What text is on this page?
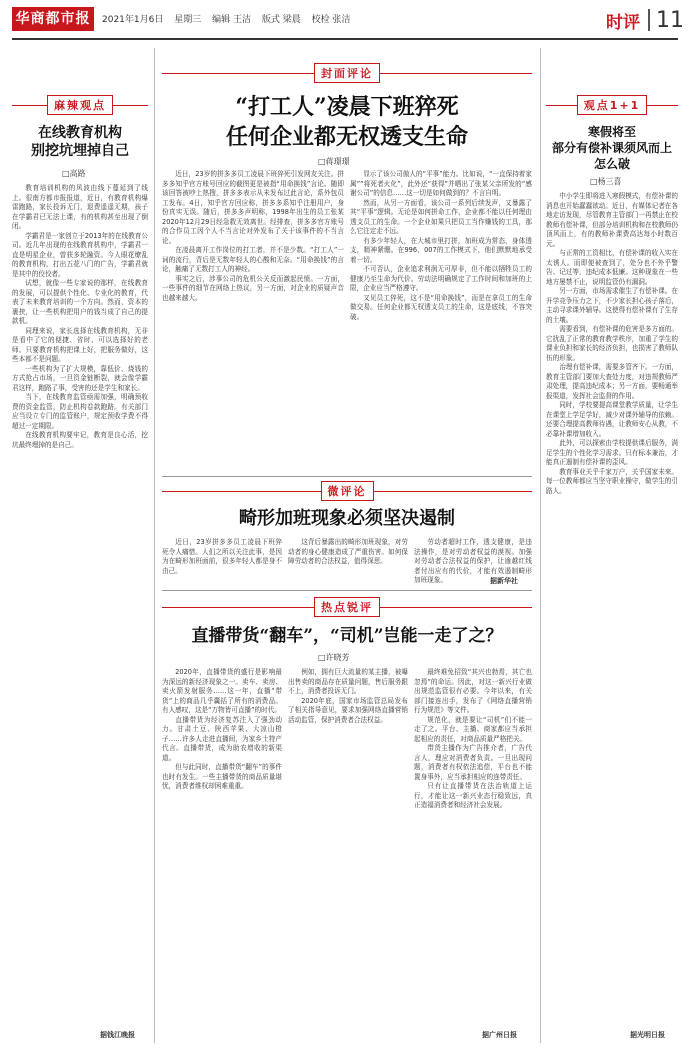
华商都市报	2021年1月6日 星期三 编辑 王洁 版式 梁晨 校检 张洁	时评 11
麻辣观点
在线教育机构
别挖坑埋掉自己
□高路

教育培训机构的风波由线下蔓延到了线上。很南方都市报报道，近日，有教育机构爆雷跑路，家长投诉无门，退费遥遥无期，孩子在学霸君已无法上课，有的机构甚至出现了倒闭。

学霸君是一家创立于2013年的在线教育公司。近几年出现的在线教育机构中，学霸君一直是明星企业，曾获多轮融资。今人眼花缭乱的教育机构，打出五花八门的广告，学霸君就是其中的佼佼者。

试想，就像一些专家说的那样，在线教育的发展，可以提供个性化、专业化的教育，代表了未来教育培训的一个方向。然而，资本的裹挟，让一些机构把用户的钱当成了自己的提款机。

同理来说，家长选择在线教育机构，无非是看中了它的便捷、省时、可以选择好的老师。只要教育机构把课上好，把服务做好，这些本都不是问题。

一些机构为了扩大规模，靠低价、烧钱的方式抢占市场，一旦资金链断裂，就会像学霸君这样，跑路了事，受害的还是学生和家长。

当下，在线教育监管亟需加强，明确预收费的资金监管，防止机构卷款跑路。有关部门应当设立专门的监管账户，规定预收学费不得超过一定期限。

在线教育机构要牢记，教育是良心活，挖坑最终埋掉的是自己。

据钱江晚报
封面评论
“打工人”凌晨下班猝死
任何企业都无权透支生命
□蒋璟璟

近日，23岁的拼多多员工凌晨下班猝死引发网友关注。拼多多知乎官方账号回应的截图更是被指“用命换钱”言论。随即该回答被吵上热搜，拼多多表示从未发布过此言论，系外包员工发布。4日，知乎官方回应称，拼多多系知乎注册用户，身份真实无误。随后，拼多多声明称，1998年出生的员工张某2020年12月29日经急救无效离世。经排查，拼多多官方账号的合作员工因个人不当言论对外发布了关于该事件的不当言论。

在凌晨离开工作岗位的打工者，并不是少数。“打工人”一词的流行，背后是无数年轻人的心酸和无奈。“用命换钱”的言论，触痛了无数打工人的神经。

事实之后，涉事公司的危机公关反而激起民愤。一方面，一些事件的细节在网络上热议，另一方面，对企业的质疑声音也越来越大。

显示了该公司傲人的“平事”能力。比如说，“一直保持着家属”“将死者火化”，此外还“获得”并晒出了张某父亲所发的“感谢公司”的信息……这一切是如何做到的？不言自明。

然而，从另一方面看，该公司一系列后续发声，又暴露了其“平事”逻辑。无论是如何拼命工作，企业都不能以任何理由透支员工的生命。一个企业如果只把员工当作赚钱的工具，那么它注定走不远。

有多少年轻人，在大城市里打拼，加班成为常态，身体透支，精神紧绷。在996、007的工作模式下，他们默默地承受着一切。

不可否认，企业追求利润无可厚非，但不能以牺牲员工的健康乃至生命为代价。劳动法明确规定了工作时间和加班的上限，企业应当严格遵守。

又见员工猝死，这不是“用命换钱”，而是在拿员工的生命做交易。任何企业都无权透支员工的生命，这是底线，不容突破。

微评论
畸形加班现象必须坚决遏制

近日，23岁拼多多员工凌晨下班猝死令人痛惜。人们之所以关注此事，是因为在畸形加班面前，很多年轻人都是身不由己。

这背后暴露出的畸形加班现象，对劳动者的身心健康造成了严重伤害。如何保障劳动者的合法权益，值得深思。

劳动者超时工作，透支健康，是违法操作，是对劳动者权益的漠视。加强对劳动者合法权益的保护，让逾越红线者付出应有的代价，才能有效遏制畸形加班现象。	据新华社
热点锐评
直播带货“翻车”，“司机”岂能一走了之？
□许晓芳

2020年，直播带货的盛行是影响最为深远的新经济现象之一。卖车、卖房、卖火箭发射服务……这一年，直播“带货”上的商品几乎囊括了所有的消费品。有人感叹，这是“万物皆可直播”的时代。

直播带货为经济复苏注入了强劲动力。甘肃土豆、陕西苹果、大凉山橙子……许多人走进直播间，为家乡土特产代言。直播带货，成为助农增收的新渠道。

但与此同时，直播带货“翻车”的事件也时有发生。一些主播带货的商品质量堪忧，消费者维权却困难重重。

例如，拥有巨大流量的某主播，被曝出售卖的商品存在质量问题，售后服务跟不上，消费者投诉无门。

2020年底，国家市场监管总局发布了相关指导意见，要求加强网络直播营销活动监管，保护消费者合法权益。

最终难免招致“其兴也勃焉，其亡也忽焉”的命运。因此，对这一新兴行业做出规范监管很有必要。今年以来，有关部门接连出手，发布了《网络直播营销行为规范》等文件。

规范化，就是要让“司机”们不能一走了之。平台、主播、商家都应当承担起相应的责任，对商品质量严格把关。

带货主播作为广告推介者，广告代言人，理应对消费者负责。一旦出现问题，消费者有权依法追偿，平台也不能置身事外，应当承担相应的连带责任。

只有让直播带货在法治轨道上运行，才能让这一新兴业态行稳致远，真正造福消费者和经济社会发展。

据广州日报
观点1+1
寒假将至
部分有偿补课须风而上
怎么破
□杨三喜

中小学生即将进入寒假模式，有偿补课的消息也开始蠢蠢欲动。近日，有媒体记者在各地走访发现，尽管教育主管部门一再禁止在校教师有偿补课，但部分培训机构和在校教师仍顶风而上，有的教师补课费高达每小时数百元。

与正常的工资相比，有偿补课的收入实在太诱人。而即便被查到了，处分也不外乎警告、记过等，违纪成本低廉。这种现象在一些地方屡禁不止，说明监管仍有漏洞。

另一方面，市场需求催生了有偿补课。在升学竞争压力之下，不少家长担心孩子落后，主动寻求课外辅导。这使得有偿补课有了生存的土壤。

需要看到，有偿补课的危害是多方面的。它扰乱了正常的教育教学秩序，加重了学生的课业负担和家长的经济负担，也损害了教师队伍的形象。

治理有偿补课，需要多管齐下。一方面，教育主管部门要加大查处力度，对违规教师严肃处理，提高违纪成本；另一方面，要畅通举报渠道，发挥社会监督的作用。

同时，学校要提高课堂教学质量，让学生在课堂上学足学好，减少对课外辅导的依赖。还要合理提高教师待遇，让教师安心从教，不必靠补课增加收入。

此外，可以探索由学校提供课后服务，满足学生的个性化学习需求。只有标本兼治，才能真正遏制有偿补课的歪风。

教育事业关乎千家万户，关乎国家未来。每一位教师都应当坚守职业操守，做学生的引路人。

据光明日报
